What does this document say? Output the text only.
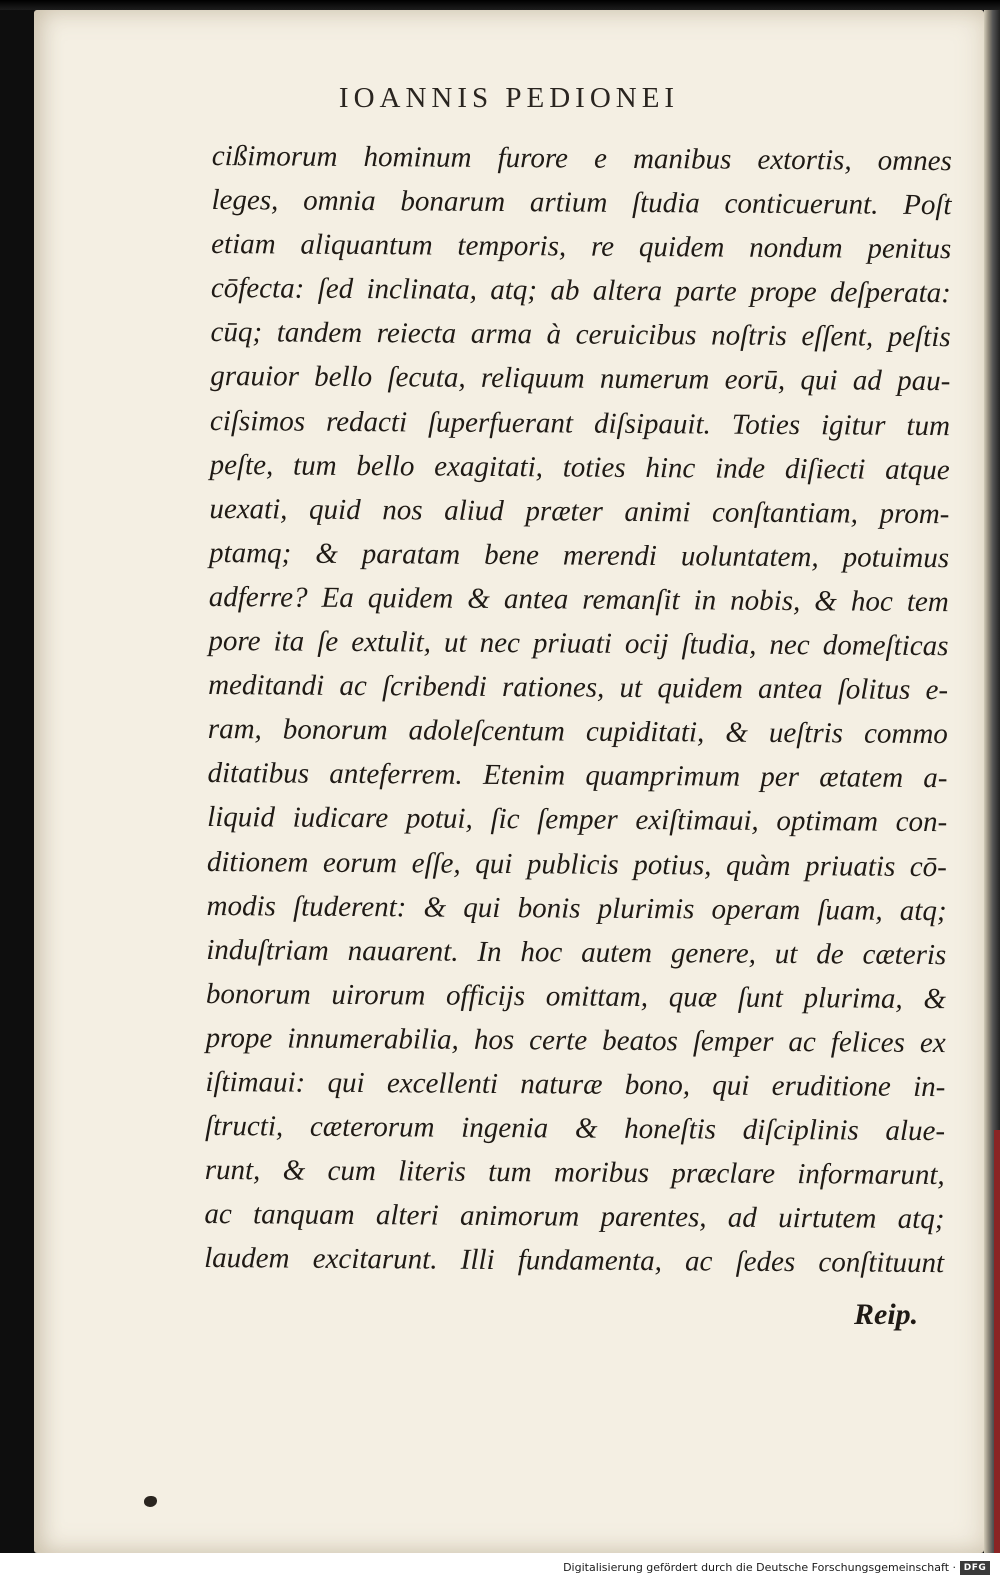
IOANNIS PEDIONEI
cißimorum hominum furore e manibus extortis, omnes
leges, omnia bonarum artium ſtudia conticuerunt. Poſt
etiam aliquantum temporis, re quidem nondum penitus
cōfecta: ſed inclinata, atq; ab altera parte prope deſperata:
cūq; tandem reiecta arma à ceruicibus noſtris eſſent, peſtis
grauior bello ſecuta, reliquum numerum eorū, qui ad pau-
ciſsimos redacti ſuperfuerant diſsipauit. Toties igitur tum
peſte, tum bello exagitati, toties hinc inde diſiecti atque
uexati, quid nos aliud præter animi conſtantiam, prom-
ptamq; & paratam bene merendi uoluntatem, potuimus
adferre? Ea quidem & antea remanſit in nobis, & hoc tem
pore ita ſe extulit, ut nec priuati ocij ſtudia, nec domeſticas
meditandi ac ſcribendi rationes, ut quidem antea ſolitus e-
ram, bonorum adoleſcentum cupiditati, & ueſtris commo
ditatibus anteferrem. Etenim quamprimum per ætatem a-
liquid iudicare potui, ſic ſemper exiſtimaui, optimam con-
ditionem eorum eſſe, qui publicis potius, quàm priuatis cō-
modis ſtuderent: & qui bonis plurimis operam ſuam, atq;
induſtriam nauarent. In hoc autem genere, ut de cæteris
bonorum uirorum officijs omittam, quæ ſunt plurima, &
prope innumerabilia, hos certe beatos ſemper ac felices ex
iſtimaui: qui excellenti naturæ bono, qui eruditione in-
ſtructi, cæterorum ingenia & honeſtis diſciplinis alue-
runt, & cum literis tum moribus præclare informarunt,
ac tanquam alteri animorum parentes, ad uirtutem atq;
laudem excitarunt. Illi fundamenta, ac ſedes conſtituunt
Reip.
Digitalisierung gefördert durch die Deutsche Forschungsgemeinschaft · DFG
